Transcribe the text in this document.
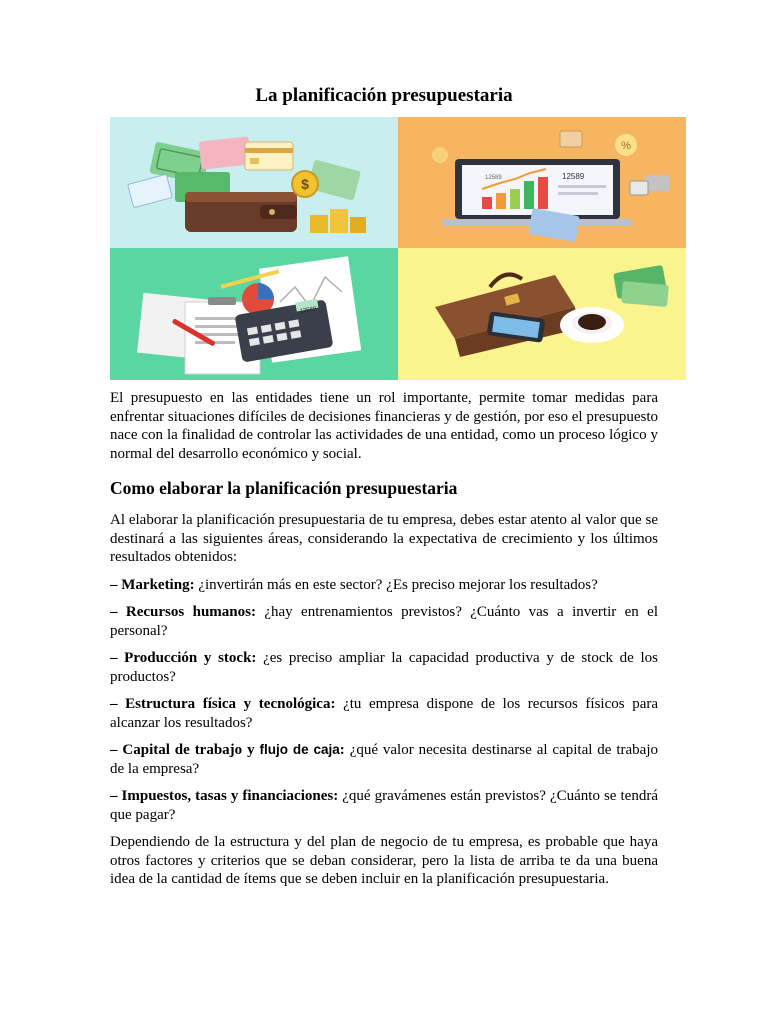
La planificación presupuestaria
$	12589	12589
%
12589

El presupuesto en las entidades tiene un rol importante, permite tomar medidas para enfrentar situaciones difíciles de decisiones financieras y de gestión, por eso el presupuesto nace con la finalidad de controlar las actividades de una entidad, como un proceso lógico y normal del desarrollo económico y social.

Como elaborar la planificación presupuestaria

Al elaborar la planificación presupuestaria de tu empresa, debes estar atento al valor que se destinará a las siguientes áreas, considerando la expectativa de crecimiento y los últimos resultados obtenidos:

– Marketing: ¿invertirán más en este sector? ¿Es preciso mejorar los resultados?

– Recursos humanos: ¿hay entrenamientos previstos? ¿Cuánto vas a invertir en el personal?

– Producción y stock: ¿es preciso ampliar la capacidad productiva y de stock de los productos?

– Estructura física y tecnológica: ¿tu empresa dispone de los recursos físicos para alcanzar los resultados?

– Capital de trabajo y flujo de caja: ¿qué valor necesita destinarse al capital de trabajo de la empresa?

– Impuestos, tasas y financiaciones: ¿qué gravámenes están previstos? ¿Cuánto se tendrá que pagar?

Dependiendo de la estructura y del plan de negocio de tu empresa, es probable que haya otros factores y criterios que se deban considerar, pero la lista de arriba te da una buena idea de la cantidad de ítems que se deben incluir en la planificación presupuestaria.
